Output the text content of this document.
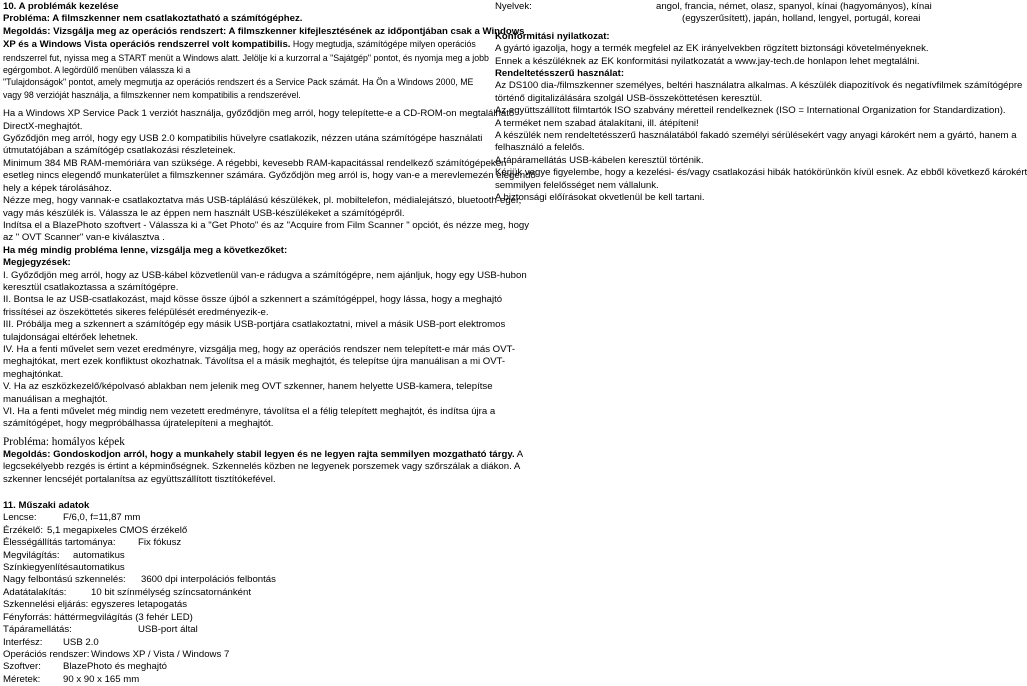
10. A problémák kezelése
Probléma: A filmszkenner nem csatlakoztatható a számítógéphez.
Megoldás: Vizsgálja meg az operációs rendszert: A filmszkenner kifejlesztésének az időpontjában csak a Windows
XP és a Windows Vista operációs rendszerrel volt kompatibilis. Hogy megtudja, számítógépe milyen operációs
rendszerrel fut, nyissa meg a START menüt a Windows alatt. Jelölje ki a kurzorral a "Sajátgép" pontot, és nyomja meg a jobb
egérgombot. A legördülő menüben válassza ki a
"Tulajdonságok" pontot, amely megmutja az operációs rendszert és a Service Pack számát. Ha Ön a Windows 2000, ME
vagy 98 verzióját használja, a filmszkenner nem kompatibilis a rendszerével.
Ha a Windows XP Service Pack 1 verziót használja, győződjön meg arról, hogy telepítette-e a CD-ROM-on megtalálható
DirectX-meghajtót.
Győződjön meg arról, hogy egy USB 2.0 kompatibilis hüvelyre csatlakozik, nézzen utána számítógépe használati
útmutatójában a számítógép csatlakozási részleteinek.
Minimum 384 MB RAM-memóriára van szüksége. A régebbi, kevesebb RAM-kapacitással rendelkező számítógépeken
esetleg nincs elegendő munkaterület a filmszkenner számára. Győződjön meg arról is, hogy van-e a merevlemezén elegendő
hely a képek tárolásához.
Nézze meg, hogy vannak-e csatlakoztatva más USB-táplálású készülékek, pl. mobiltelefon, médialejátszó, bluetooth-egér,
vagy más készülék is. Válassza le az éppen nem használt USB-készülékeket a számítógépről.
Indítsa el a BlazePhoto szoftvert - Válassza ki a "Get Photo" és az "Acquire from Film Scanner " opciót, és nézze meg, hogy
az " OVT Scanner" van-e kiválasztva .
Ha még mindig probléma lenne, vizsgálja meg a következőket:
Megjegyzések:
I. Győződjön meg arról, hogy az USB-kábel közvetlenül van-e rádugva a számítógépre, nem ajánljuk, hogy egy USB-hubon
keresztül csatlakoztassa a számítógépre.
II. Bontsa le az USB-csatlakozást, majd kösse össze újból a szkennert a számítógéppel, hogy lássa, hogy a meghajtó
frissítései az öszeköttetés sikeres felépülését eredményezik-e.
III. Próbálja meg a szkennert a számítógép egy másik USB-portjára csatlakoztatni, mivel a másik USB-port elektromos
tulajdonságai eltérőek lehetnek.
IV. Ha a fenti művelet sem vezet eredményre, vizsgálja meg, hogy az operációs rendszer nem telepített-e már más OVT-
meghajtókat, mert ezek konfliktust okozhatnak. Távolítsa el a másik meghajtót, és telepítse újra manuálisan a mi OVT-
meghajtónkat.
V. Ha az eszközkezelő/képolvasó ablakban nem jelenik meg OVT szkenner, hanem helyette USB-kamera, telepítse
manuálisan a meghajtót.
VI. Ha a fenti művelet még mindig nem vezetett eredményre, távolítsa el a félig telepített meghajtót, és indítsa újra a
számítógépet, hogy megpróbálhassa újratelepíteni a meghajtót.
Probléma: homályos képek
Megoldás: Gondoskodjon arról, hogy a munkahely stabil legyen és ne legyen rajta semmilyen mozgatható tárgy. A
legcsekélyebb rezgés is értint a képminőségnek. Szkennelés közben ne legyenek porszemek vagy szőrszálak a diákon. A
szkenner lencséjét portalanítsa az együttszállított tisztítókefével.
11. Műszaki adatok
Lencse:	F/6,0, f=11,87 mm
Érzékelő: 5,1 megapixeles CMOS érzékelő
Élességállítás tartománya:	Fix fókusz
Megvilágítás:	automatikus
Színkiegyenlítés automatikus
Nagy felbontású szkennelés:	3600 dpi interpolációs felbontás
Adatátalakítás:	10 bit színmélység színcsatornánként
Szkennelési eljárás: egyszeres letapogatás
Fényforrás: háttérmegvilágítás (3 fehér LED)
Tápáramellátás:	USB-port által
Interfész:	USB 2.0
Operációs rendszer: Windows XP / Vista / Windows 7
Szoftver:	BlazePhoto és meghajtó
Méretek:	90 x 90 x 165 mm
Nyelvek:	angol, francia, német, olasz, spanyol, kínai (hagyományos), kínai
(egyszerűsített), japán, holland, lengyel, portugál, koreai
Konformitási nyilatkozat:
A gyártó igazolja, hogy a termék megfelel az EK irányelvekben rögzített biztonsági követelményeknek.
Ennek a készüléknek az EK konformitási nyilatkozatát a www.jay-tech.de honlapon lehet megtalálni.
Rendeltetésszerű használat:
Az DS100 dia-/filmszkenner személyes, beltéri használatra alkalmas. A készülék diapozitívok és negatívfilmek számítógépre
történő digitalizálására szolgál USB-összeköttetésen keresztül.
Az együttszállított filmtartók ISO szabvány méretteil rendelkeznek (ISO = International Organization for Standardization).
A terméket nem szabad átalakítani, ill. átépíteni!
A készülék nem rendeltetésszerű használatából fakadó személyi sérülésekért vagy anyagi károkért nem a gyártó, hanem a
felhasználó a felelős.
A tápáramellátás USB-kábelen keresztül történik.
Kérjük vegye figyelembe, hogy a kezelési- és/vagy csatlakozási hibák hatókörünkön kívül esnek. Az ebből következő károkért
semmilyen felelősséget nem vállalunk.
A biztonsági előírásokat okvetlenül be kell tartani.
